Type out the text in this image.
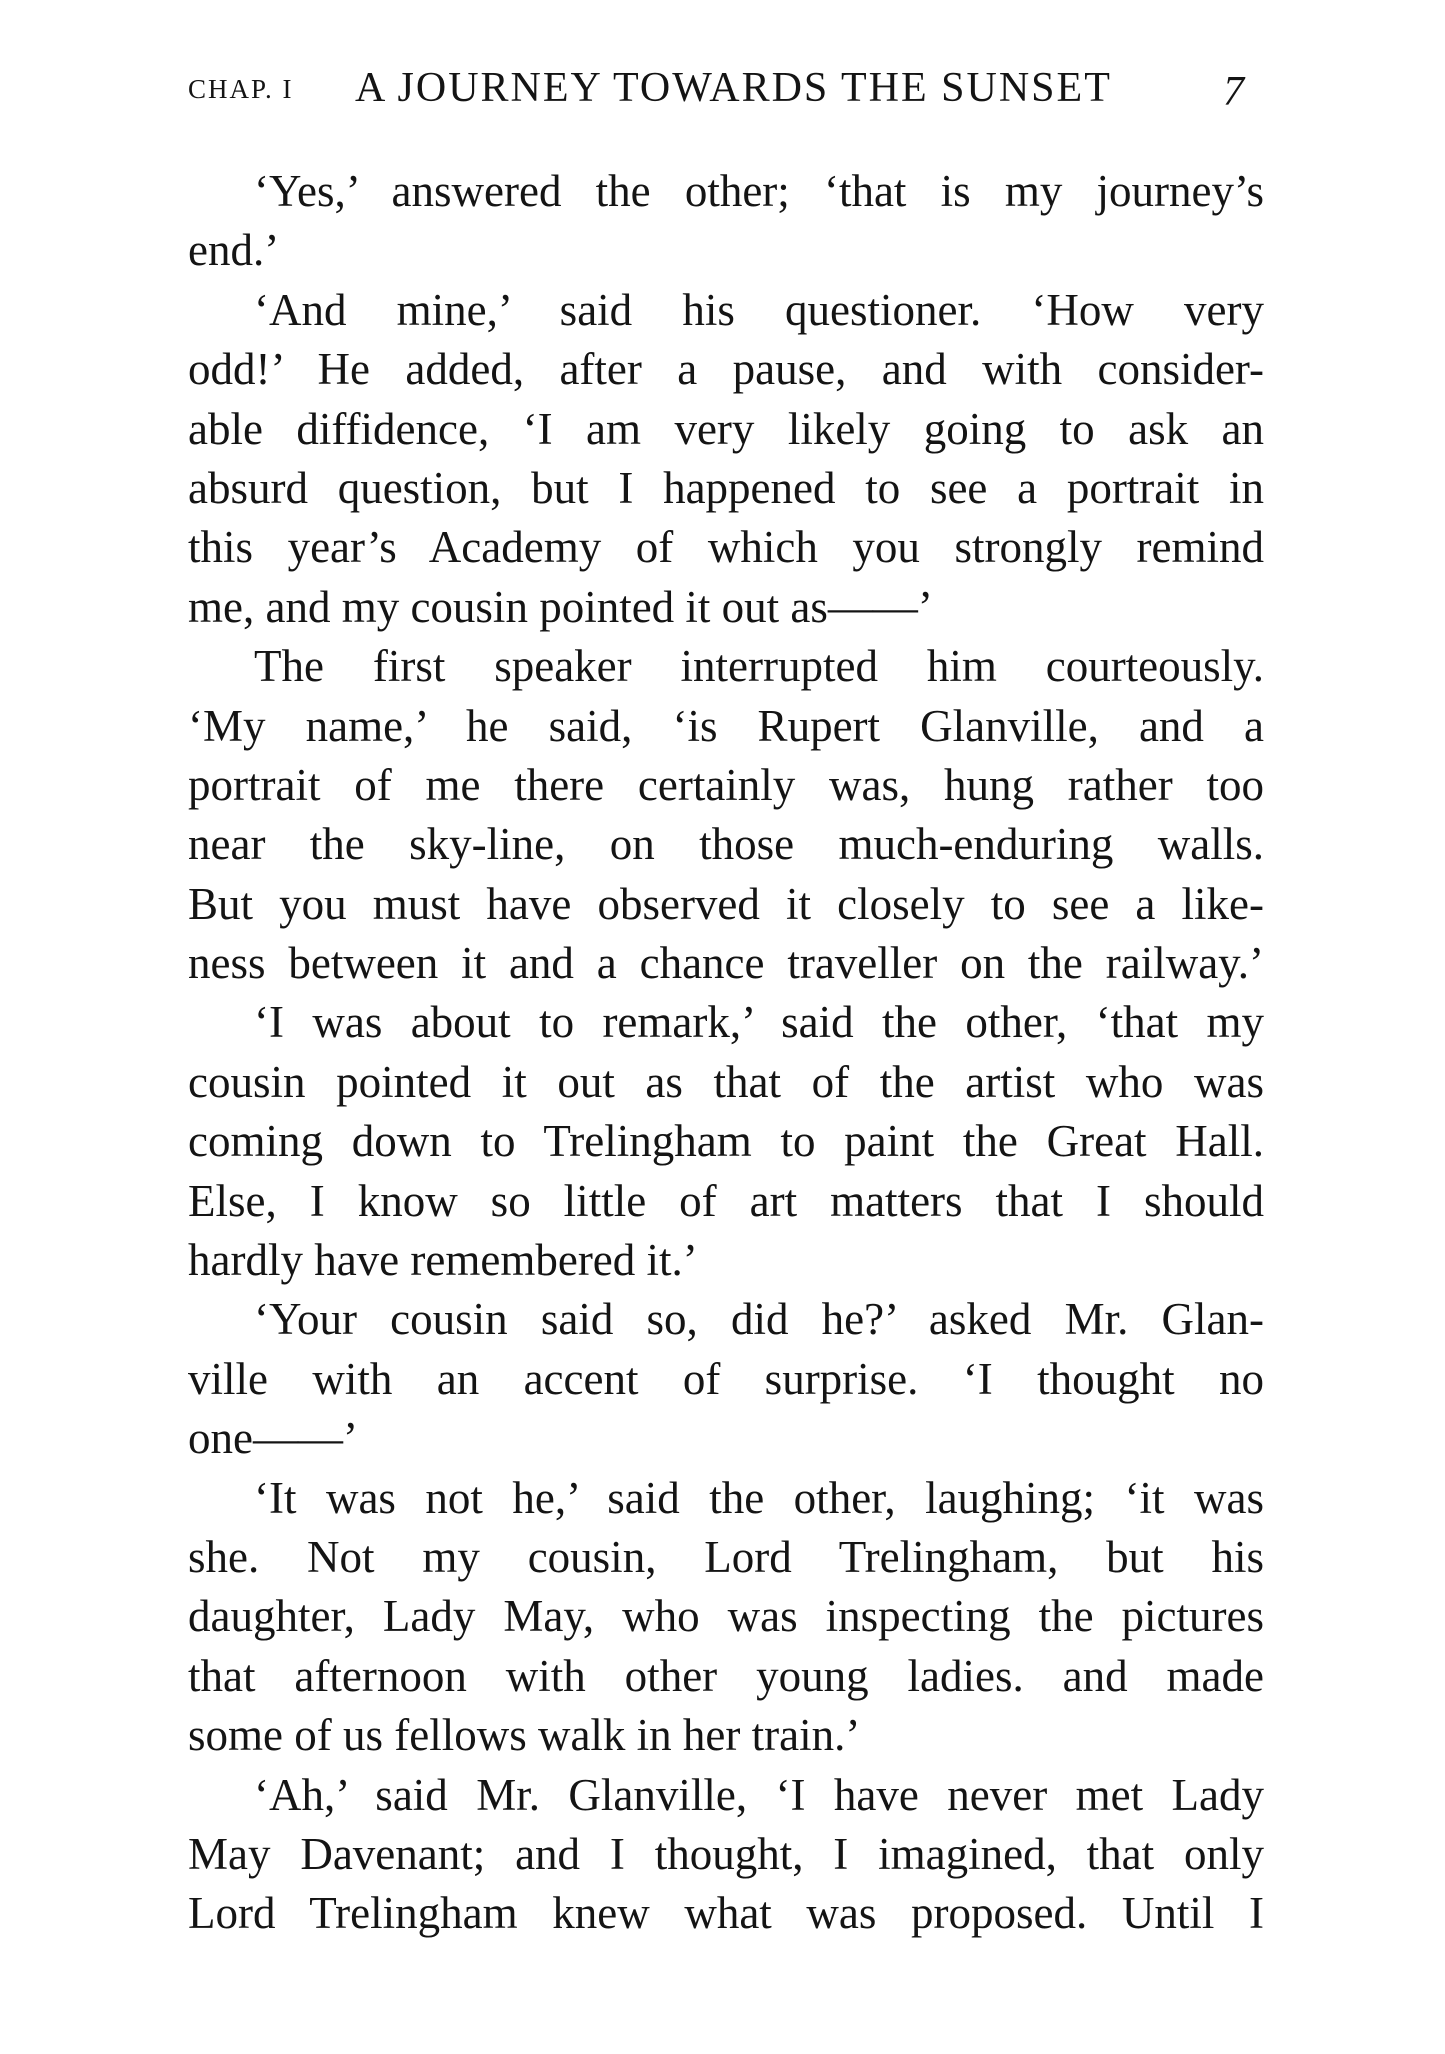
CHAP. I A JOURNEY TOWARDS THE SUNSET	7
‘Yes,’ answered the other; ‘that is my journey’s
end.’
‘And mine,’ said his questioner. ‘How very
odd!’ He added, after a pause, and with consider-
able diffidence, ‘I am very likely going to ask an
absurd question, but I happened to see a portrait in
this year’s Academy of which you strongly remind
me, and my cousin pointed it out as——’
The first speaker interrupted him courteously.
‘My name,’ he said, ‘is Rupert Glanville, and a
portrait of me there certainly was, hung rather too
near the sky-line, on those much-enduring walls.
But you must have observed it closely to see a like-
ness between it and a chance traveller on the railway.’
‘I was about to remark,’ said the other, ‘that my
cousin pointed it out as that of the artist who was
coming down to Trelingham to paint the Great Hall.
Else, I know so little of art matters that I should
hardly have remembered it.’
‘Your cousin said so, did he?’ asked Mr. Glan-
ville with an accent of surprise. ‘I thought no
one——’
‘It was not he,’ said the other, laughing; ‘it was
she. Not my cousin, Lord Trelingham, but his
daughter, Lady May, who was inspecting the pictures
that afternoon with other young ladies. and made
some of us fellows walk in her train.’
‘Ah,’ said Mr. Glanville, ‘I have never met Lady
May Davenant; and I thought, I imagined, that only
Lord Trelingham knew what was proposed. Until I
